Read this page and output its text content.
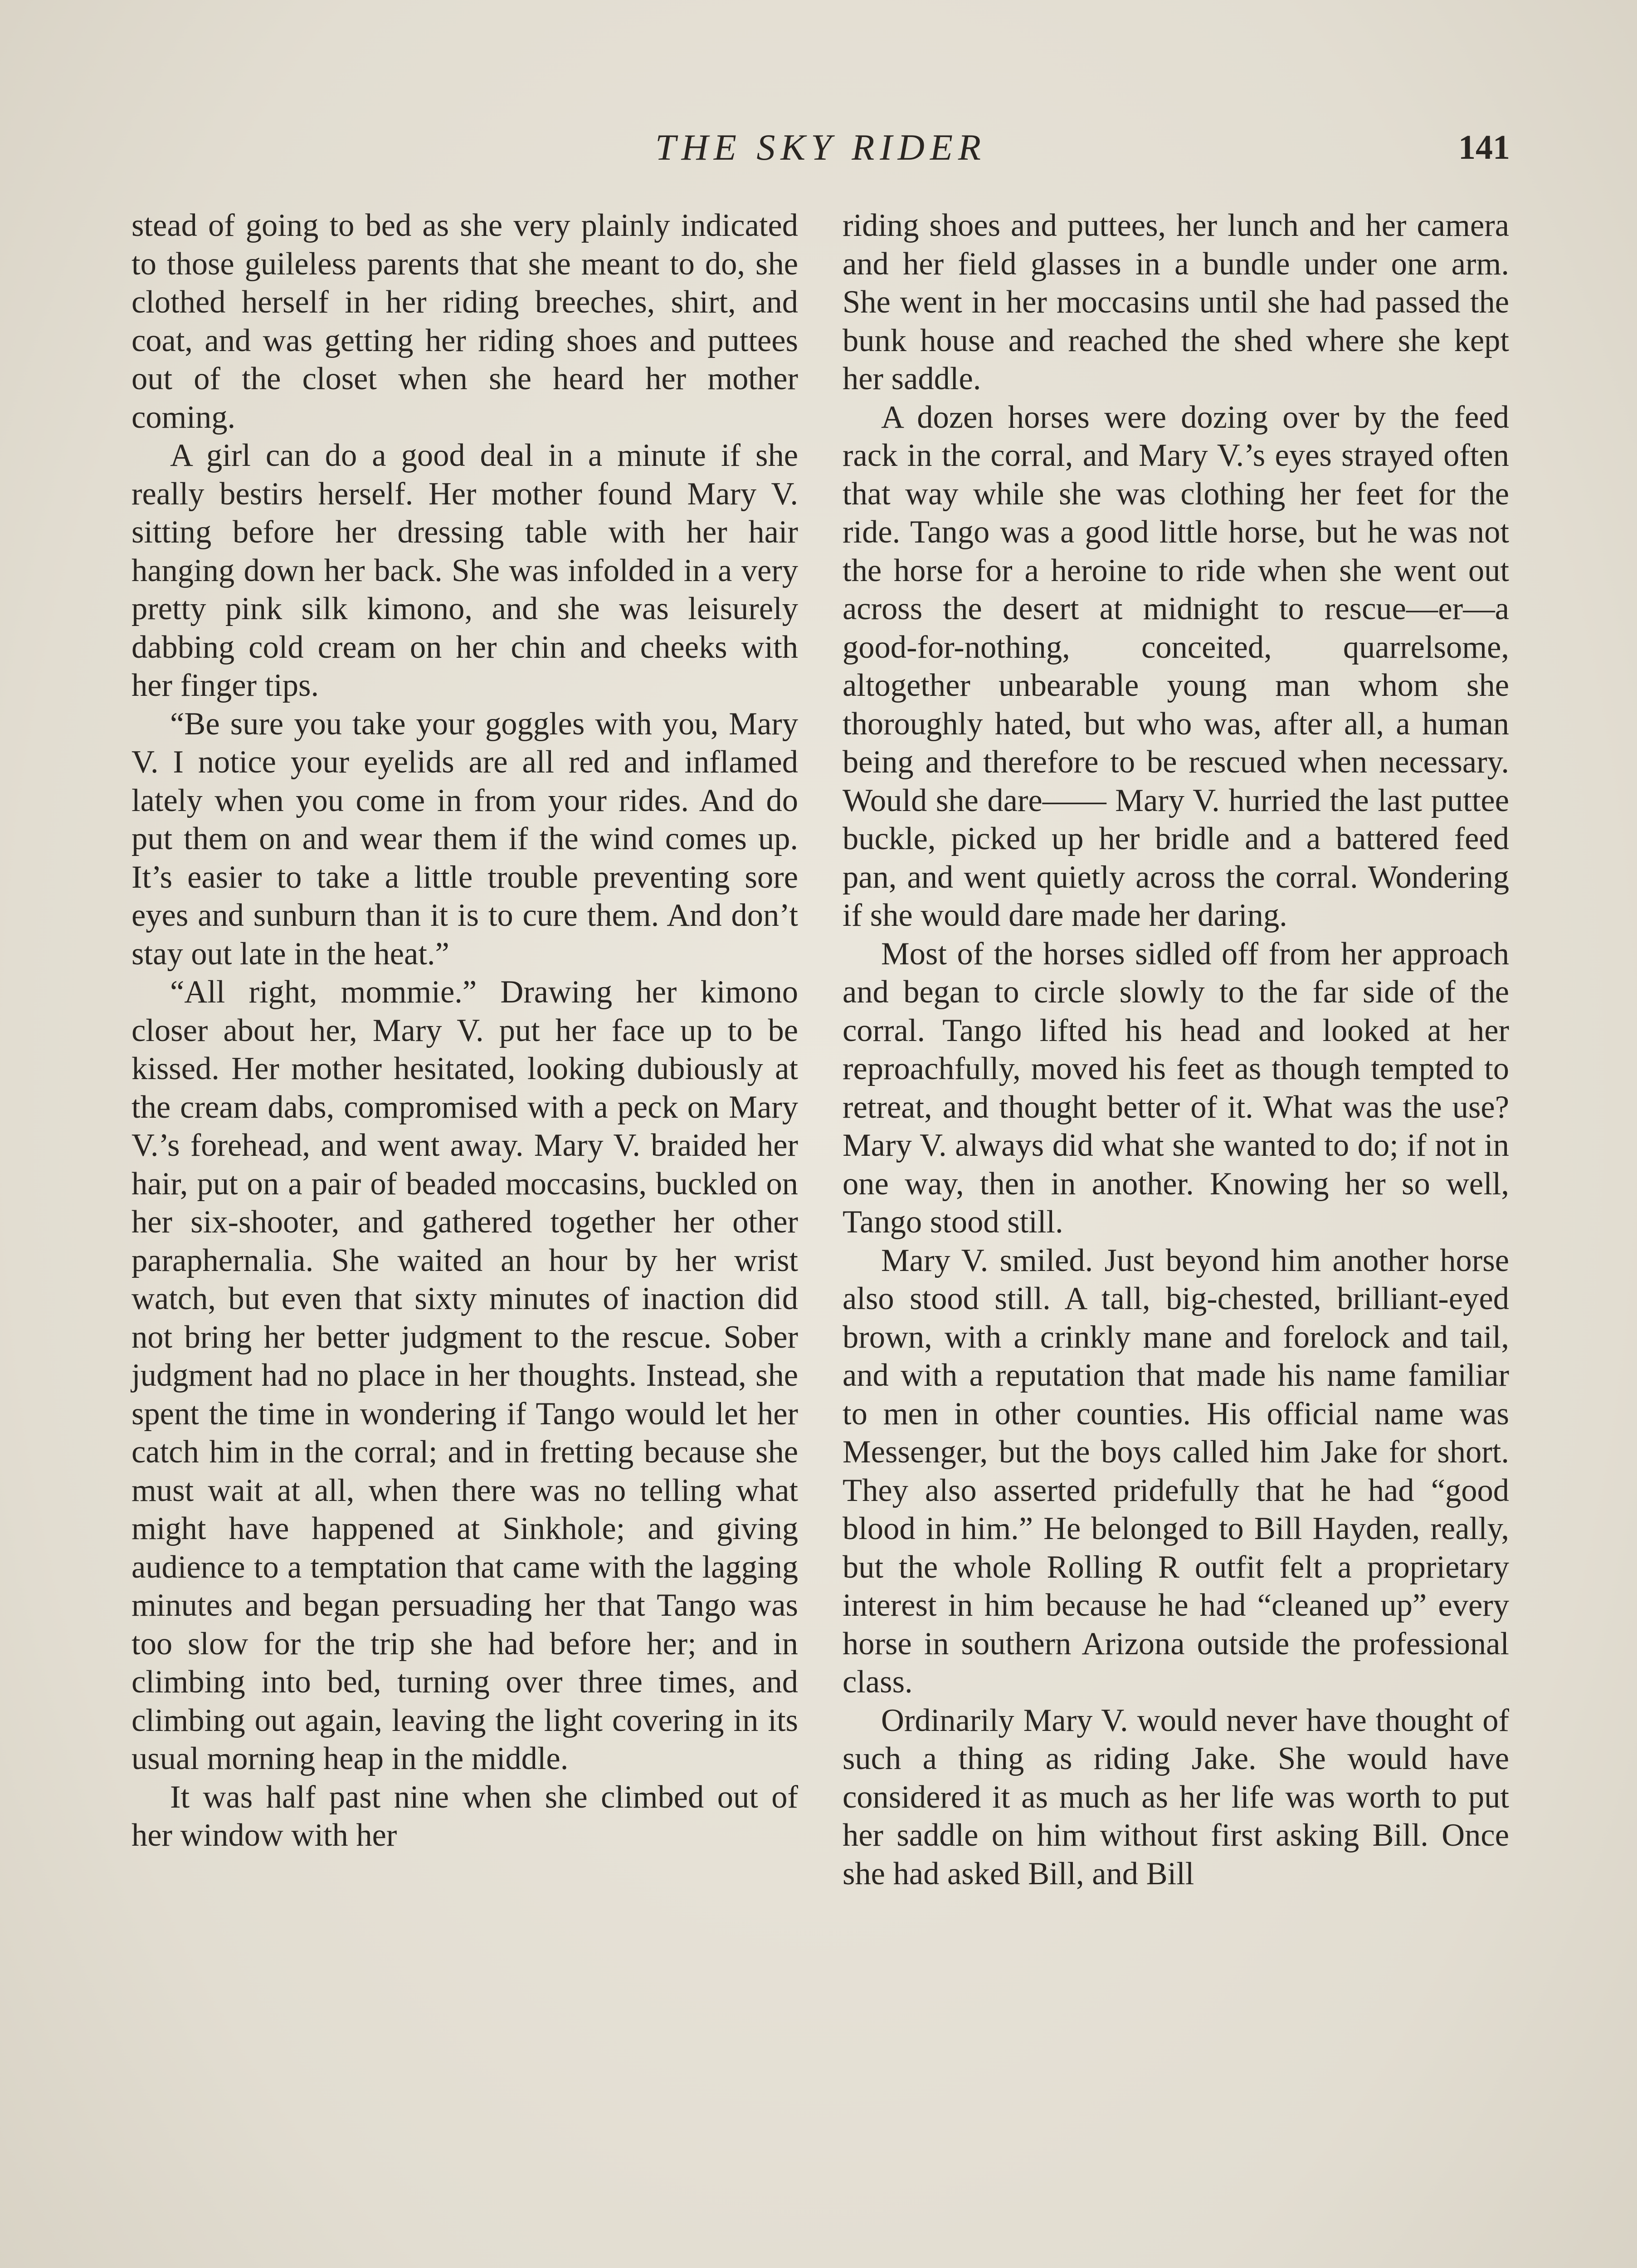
THE SKY RIDER	141

stead of going to bed as she very plainly indicated to those guileless parents that she meant to do, she clothed herself in her riding breeches, shirt, and coat, and was getting her riding shoes and puttees out of the closet when she heard her mother coming.

A girl can do a good deal in a minute if she really bestirs herself. Her mother found Mary V. sitting before her dressing table with her hair hanging down her back. She was infolded in a very pretty pink silk kimono, and she was leisurely dabbing cold cream on her chin and cheeks with her finger tips.

“Be sure you take your goggles with you, Mary V. I notice your eyelids are all red and inflamed lately when you come in from your rides. And do put them on and wear them if the wind comes up. It’s easier to take a little trouble preventing sore eyes and sunburn than it is to cure them. And don’t stay out late in the heat.”

“All right, mommie.” Drawing her kimono closer about her, Mary V. put her face up to be kissed. Her mother hesitated, looking dubiously at the cream dabs, compromised with a peck on Mary V.’s forehead, and went away. Mary V. braided her hair, put on a pair of beaded moccasins, buckled on her six-shooter, and gathered together her other paraphernalia. She waited an hour by her wrist watch, but even that sixty minutes of inaction did not bring her better judgment to the rescue. Sober judgment had no place in her thoughts. Instead, she spent the time in wondering if Tango would let her catch him in the corral; and in fretting because she must wait at all, when there was no telling what might have happened at Sinkhole; and giving audience to a temptation that came with the lagging minutes and began persuading her that Tango was too slow for the trip she had before her; and in climbing into bed, turning over three times, and climbing out again, leaving the light covering in its usual morning heap in the middle.

It was half past nine when she climbed out of her window with her

riding shoes and puttees, her lunch and her camera and her field glasses in a bundle under one arm. She went in her moccasins until she had passed the bunk house and reached the shed where she kept her saddle.

A dozen horses were dozing over by the feed rack in the corral, and Mary V.’s eyes strayed often that way while she was clothing her feet for the ride. Tango was a good little horse, but he was not the horse for a heroine to ride when she went out across the desert at midnight to rescue—er—a good-for-nothing, conceited, quarrelsome, altogether unbearable young man whom she thoroughly hated, but who was, after all, a human being and therefore to be rescued when necessary. Would she dare—— Mary V. hurried the last puttee buckle, picked up her bridle and a battered feed pan, and went quietly across the corral. Wondering if she would dare made her daring.

Most of the horses sidled off from her approach and began to circle slowly to the far side of the corral. Tango lifted his head and looked at her reproachfully, moved his feet as though tempted to retreat, and thought better of it. What was the use? Mary V. always did what she wanted to do; if not in one way, then in another. Knowing her so well, Tango stood still.

Mary V. smiled. Just beyond him another horse also stood still. A tall, big-chested, brilliant-eyed brown, with a crinkly mane and forelock and tail, and with a reputation that made his name familiar to men in other counties. His official name was Messenger, but the boys called him Jake for short. They also asserted pridefully that he had “good blood in him.” He belonged to Bill Hayden, really, but the whole Rolling R outfit felt a proprietary interest in him because he had “cleaned up” every horse in southern Arizona outside the professional class.

Ordinarily Mary V. would never have thought of such a thing as riding Jake. She would have considered it as much as her life was worth to put her saddle on him without first asking Bill. Once she had asked Bill, and Bill
